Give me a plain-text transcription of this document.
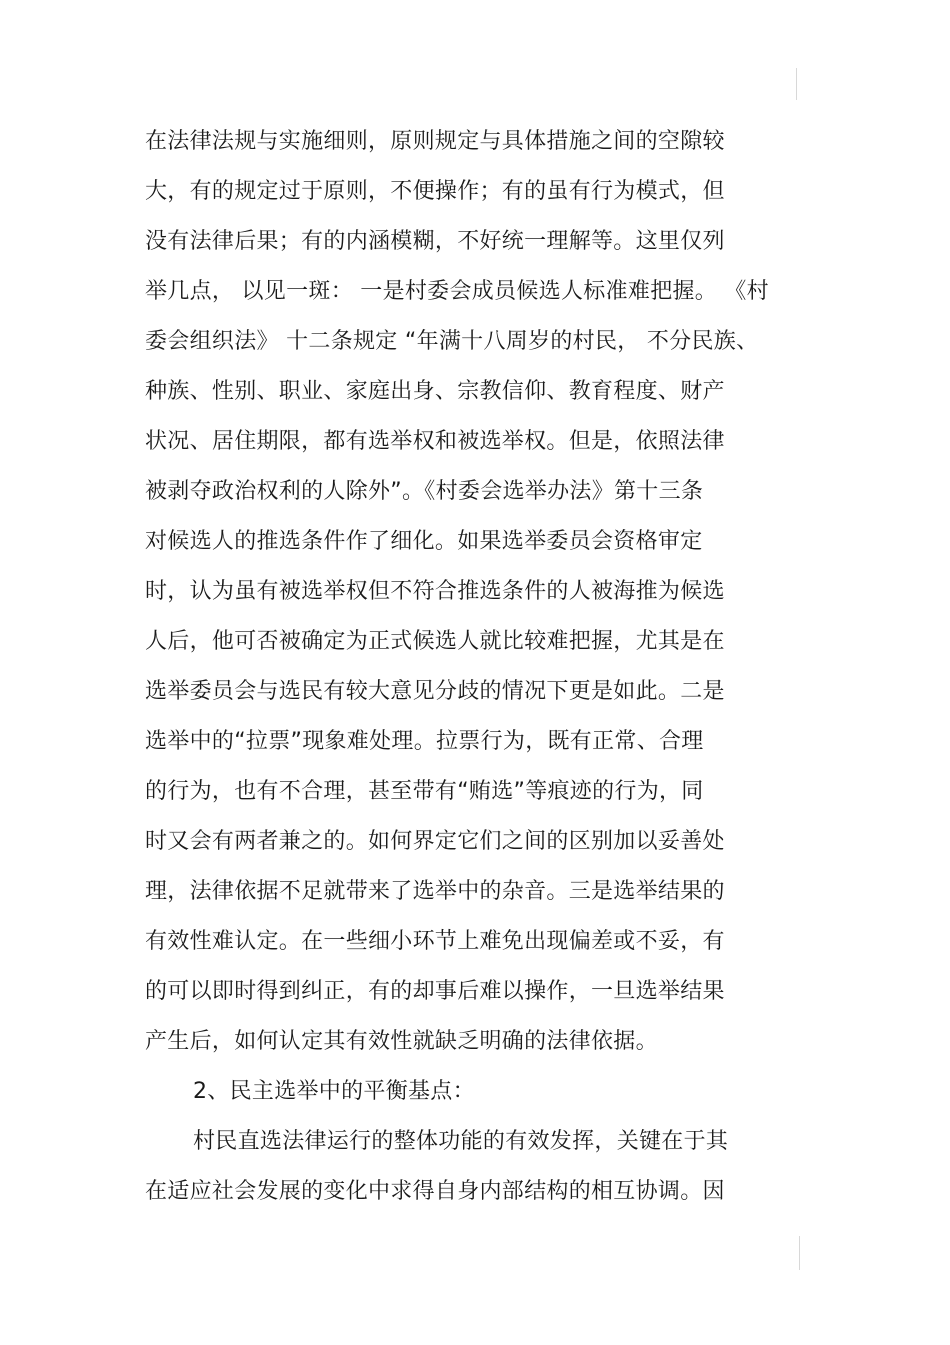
在法律法规与实施细则，原则规定与具体措施之间的空隙较
大，有的规定过于原则，不便操作；有的虽有行为模式，但
没有法律后果；有的内涵模糊，不好统一理解等。这里仅列
举几点， 以见一斑： 一是村委会成员候选人标准难把握。 《村
委会组织法》 十二条规定 “年满十八周岁的村民， 不分民族、
种族、性别、职业、家庭出身、宗教信仰、教育程度、财产
状况、居住期限，都有选举权和被选举权。但是，依照法律
被剥夺政治权利的人除外”。《村委会选举办法》第十三条
对候选人的推选条件作了细化。如果选举委员会资格审定
时，认为虽有被选举权但不符合推选条件的人被海推为候选
人后，他可否被确定为正式候选人就比较难把握，尤其是在
选举委员会与选民有较大意见分歧的情况下更是如此。二是
选举中的“拉票”现象难处理。拉票行为，既有正常、合理
的行为，也有不合理，甚至带有“贿选”等痕迹的行为，同
时又会有两者兼之的。如何界定它们之间的区别加以妥善处
理，法律依据不足就带来了选举中的杂音。三是选举结果的
有效性难认定。在一些细小环节上难免出现偏差或不妥，有
的可以即时得到纠正，有的却事后难以操作，一旦选举结果
产生后，如何认定其有效性就缺乏明确的法律依据。
2、民主选举中的平衡基点：
村民直选法律运行的整体功能的有效发挥，关键在于其
在适应社会发展的变化中求得自身内部结构的相互协调。因
